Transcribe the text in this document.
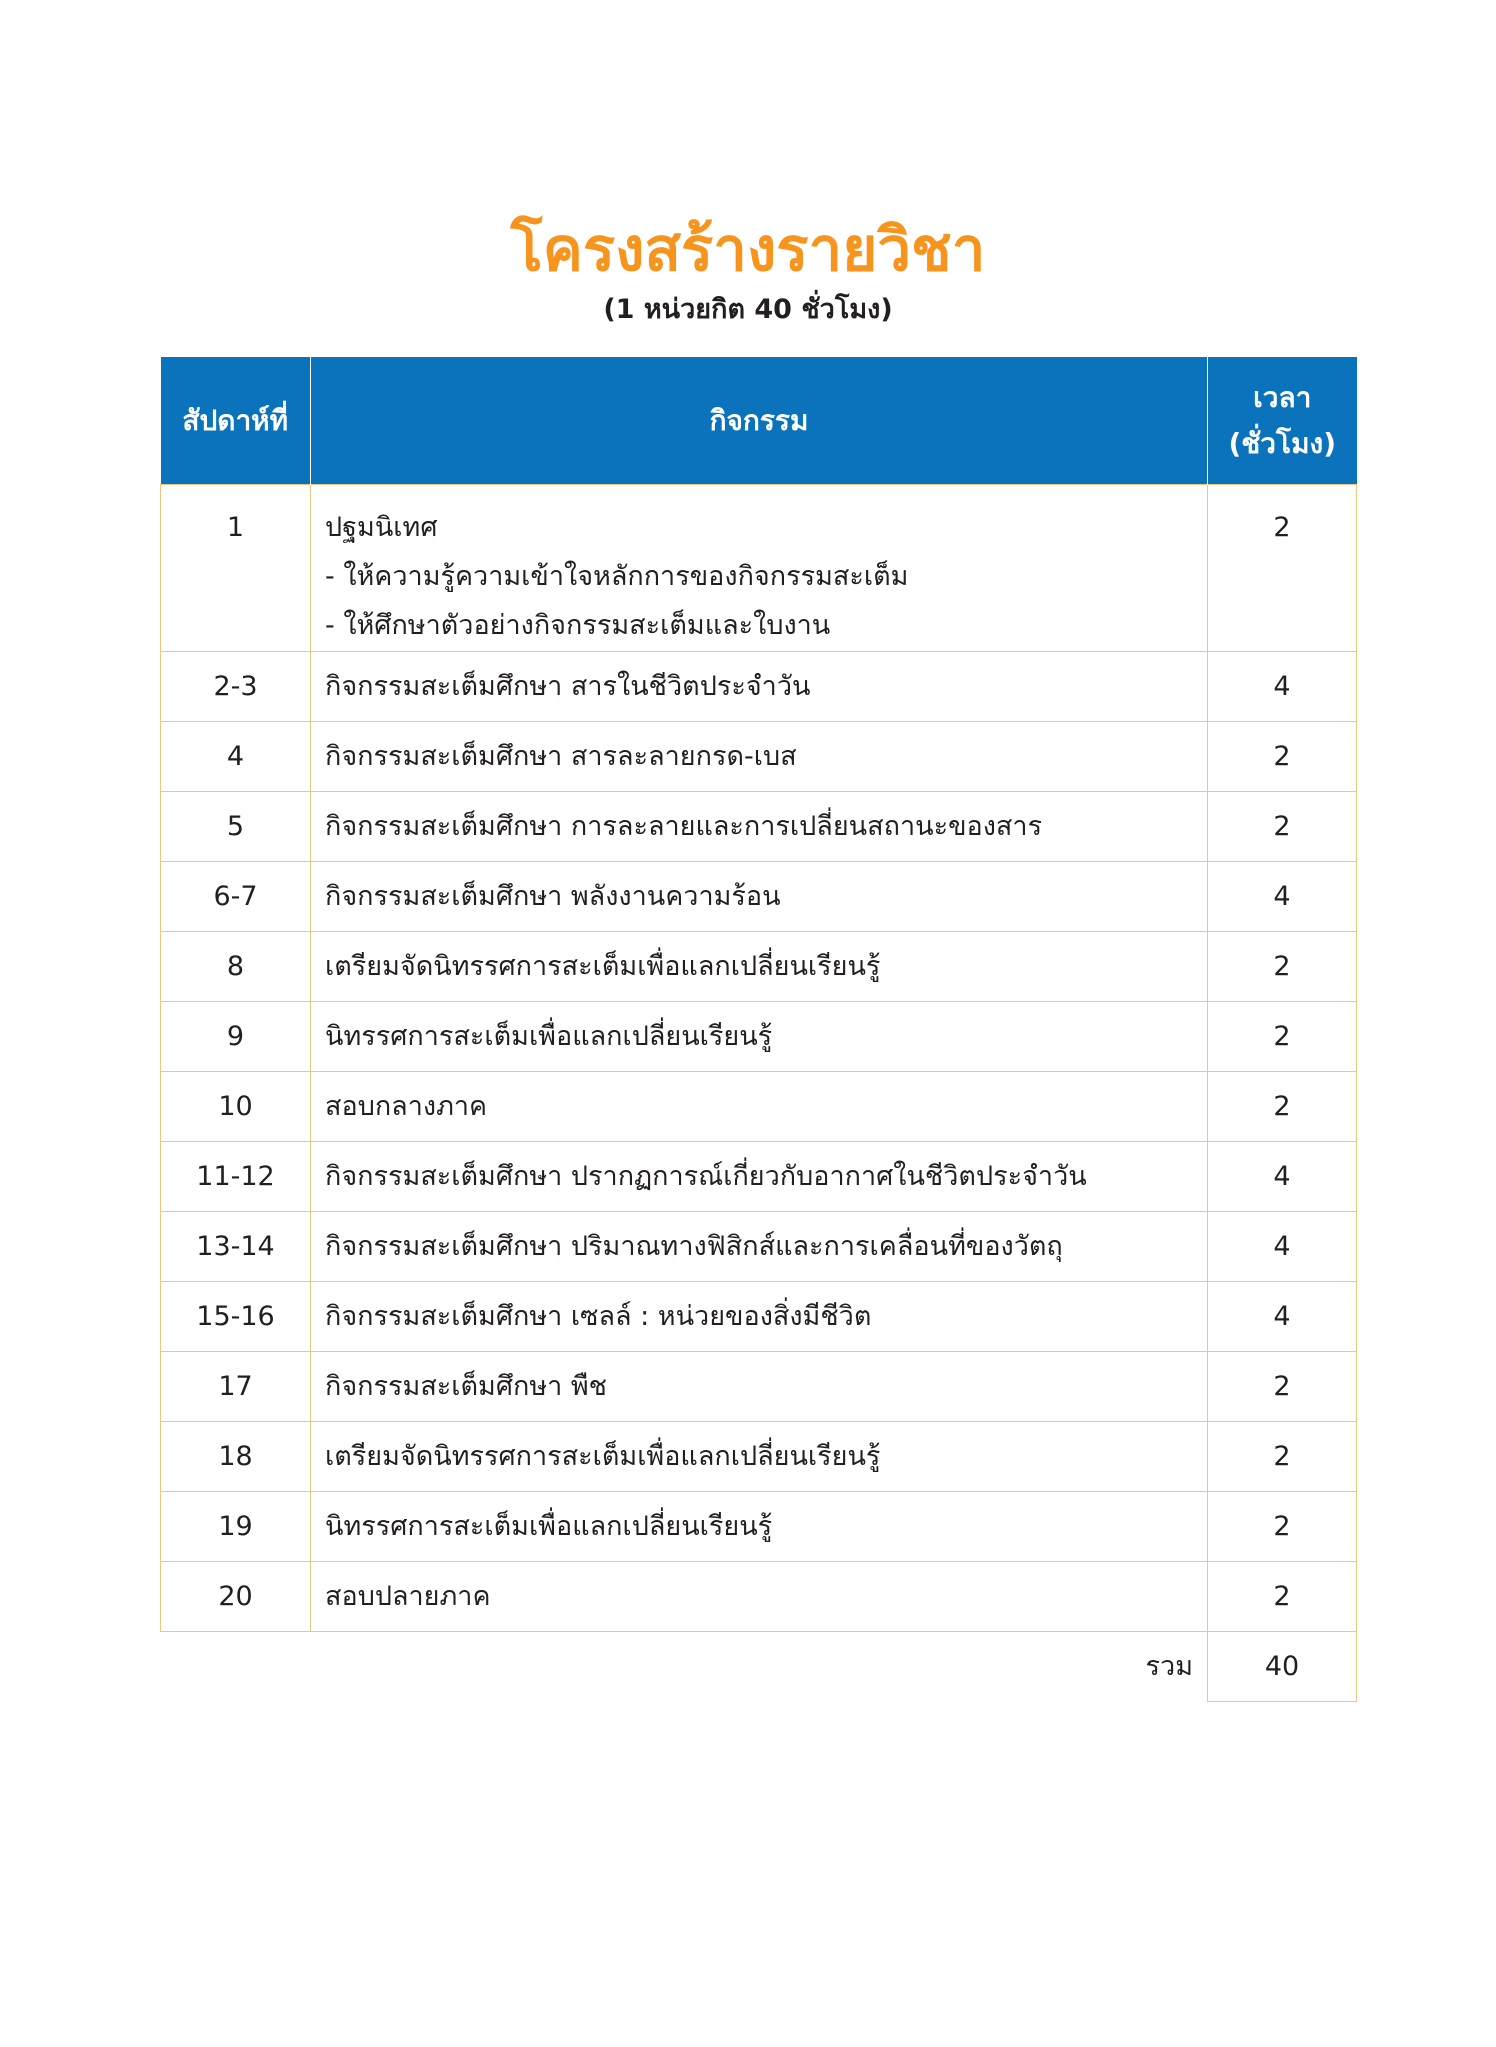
โครงสร้างรายวิชา
(1 หน่วยกิต 40 ชั่วโมง)
สัปดาห์ที่	กิจกรรม	เวลา
(ชั่วโมง)

1	ปฐมนิเทศ
- ให้ความรู้ความเข้าใจหลักการของกิจกรรมสะเต็ม
- ให้ศึกษาตัวอย่างกิจกรรมสะเต็มและใบงาน	2
2-3	กิจกรรมสะเต็มศึกษา สารในชีวิตประจำวัน	4
4	กิจกรรมสะเต็มศึกษา สารละลายกรด-เบส	2
5	กิจกรรมสะเต็มศึกษา การละลายและการเปลี่ยนสถานะของสาร	2
6-7	กิจกรรมสะเต็มศึกษา พลังงานความร้อน	4
8	เตรียมจัดนิทรรศการสะเต็มเพื่อแลกเปลี่ยนเรียนรู้	2
9	นิทรรศการสะเต็มเพื่อแลกเปลี่ยนเรียนรู้	2
10	สอบกลางภาค	2
11-12	กิจกรรมสะเต็มศึกษา ปรากฏการณ์เกี่ยวกับอากาศในชีวิตประจำวัน	4
13-14	กิจกรรมสะเต็มศึกษา ปริมาณทางฟิสิกส์และการเคลื่อนที่ของวัตถุ	4
15-16	กิจกรรมสะเต็มศึกษา เซลล์ : หน่วยของสิ่งมีชีวิต	4
17	กิจกรรมสะเต็มศึกษา พืช	2
18	เตรียมจัดนิทรรศการสะเต็มเพื่อแลกเปลี่ยนเรียนรู้	2
19	นิทรรศการสะเต็มเพื่อแลกเปลี่ยนเรียนรู้	2
20	สอบปลายภาค	2
	รวม	40
